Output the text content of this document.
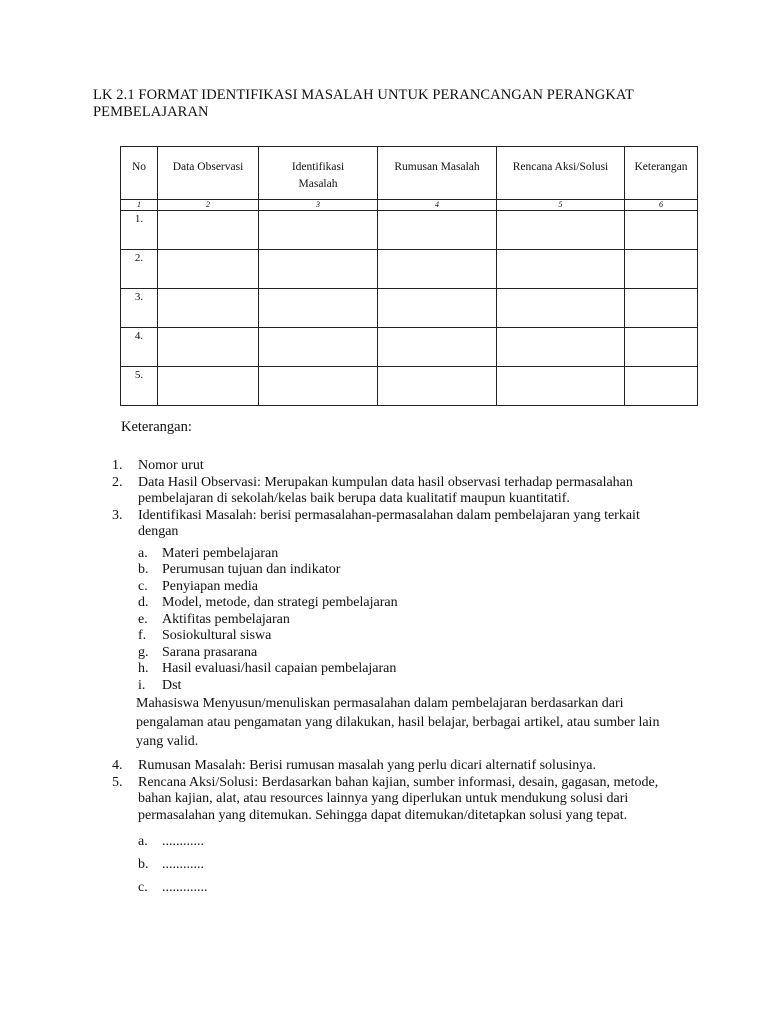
LK 2.1 FORMAT IDENTIFIKASI MASALAH UNTUK PERANCANGAN PERANGKAT PEMBELAJARAN
No	Data Observasi	Identifikasi Masalah	Rumusan Masalah	Rencana Aksi/Solusi	Keterangan
1	2	3	4	5	6
1.					
2.					
3.					
4.					
5.					
Keterangan:
1. Nomor urut
2. Data Hasil Observasi: Merupakan kumpulan data hasil observasi terhadap permasalahan pembelajaran di sekolah/kelas baik berupa data kualitatif maupun kuantitatif.
3. Identifikasi Masalah: berisi permasalahan-permasalahan dalam pembelajaran yang terkait dengan
a. Materi pembelajaran
b. Perumusan tujuan dan indikator
c. Penyiapan media
d. Model, metode, dan strategi pembelajaran
e. Aktifitas pembelajaran
f. Sosiokultural siswa
g. Sarana prasarana
h. Hasil evaluasi/hasil capaian pembelajaran
i. Dst
Mahasiswa Menyusun/menuliskan permasalahan dalam pembelajaran berdasarkan dari pengalaman atau pengamatan yang dilakukan, hasil belajar, berbagai artikel, atau sumber lain yang valid.
4. Rumusan Masalah: Berisi rumusan masalah yang perlu dicari alternatif solusinya.
5. Rencana Aksi/Solusi: Berdasarkan bahan kajian, sumber informasi, desain, gagasan, metode, bahan kajian, alat, atau resources lainnya yang diperlukan untuk mendukung solusi dari permasalahan yang ditemukan. Sehingga dapat ditemukan/ditetapkan solusi yang tepat.
a. ............
b. ............
c. .............
